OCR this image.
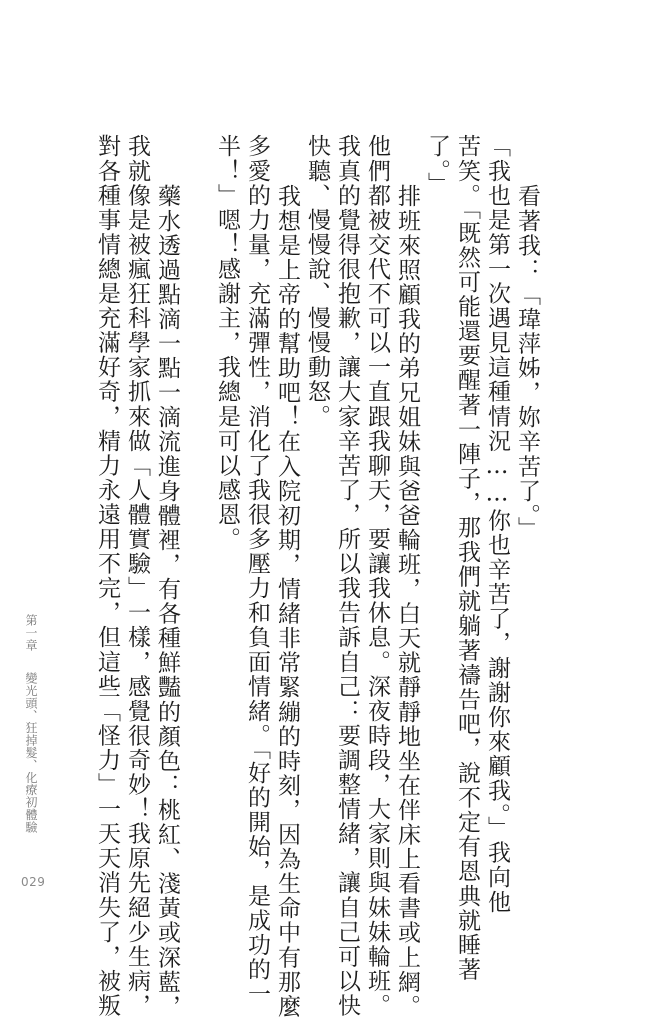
看著我：「瑋萍姊，妳辛苦了。」
「我也是第一次遇見這種情況……你也辛苦了，謝謝你來顧我。」我向他
苦笑。「既然可能還要醒著一陣子，那我們就躺著禱告吧，說不定有恩典就睡著
了。」
排班來照顧我的弟兄姐妹與爸爸輪班，白天就靜靜地坐在伴床上看書或上網。
他們都被交代不可以一直跟我聊天，要讓我休息。深夜時段，大家則與妹妹輪班。
我真的覺得很抱歉，讓大家辛苦了，所以我告訴自己：要調整情緒，讓自己可以快
快聽、慢慢說、慢慢動怒。
我想是上帝的幫助吧！在入院初期，情緒非常緊繃的時刻，因為生命中有那麼
多愛的力量，充滿彈性，消化了我很多壓力和負面情緒。「好的開始，是成功的一
半！」嗯！感謝主，我總是可以感恩。
藥水透過點滴一點一滴流進身體裡，有各種鮮豔的顏色：桃紅、淺黃或深藍，
我就像是被瘋狂科學家抓來做「人體實驗」一樣，感覺很奇妙！我原先絕少生病，
對各種事情總是充滿好奇，精力永遠用不完，但這些「怪力」一天天消失了，被叛
第一章 變光頭、狂掉髮、化療初體驗
029
